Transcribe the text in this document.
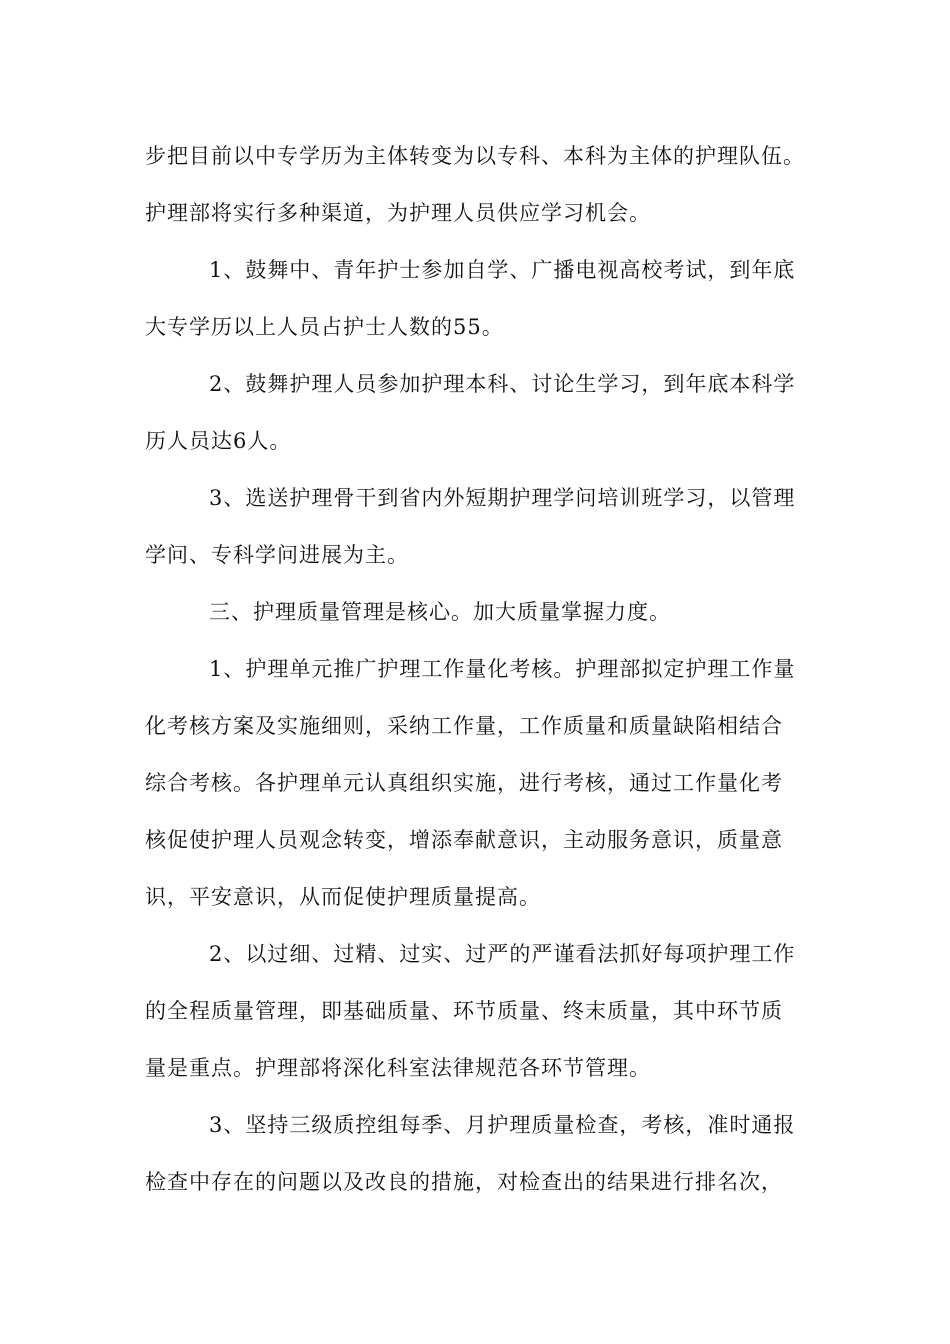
步把目前以中专学历为主体转变为以专科、本科为主体的护理队伍。
护理部将实行多种渠道，为护理人员供应学习机会。
1、鼓舞中、青年护士参加自学、广播电视高校考试，到年底
大专学历以上人员占护士人数的55。
2、鼓舞护理人员参加护理本科、讨论生学习，到年底本科学
历人员达6人。
3、选送护理骨干到省内外短期护理学问培训班学习，以管理
学问、专科学问进展为主。
三、护理质量管理是核心。加大质量掌握力度。
1、护理单元推广护理工作量化考核。护理部拟定护理工作量
化考核方案及实施细则，采纳工作量，工作质量和质量缺陷相结合
综合考核。各护理单元认真组织实施，进行考核，通过工作量化考
核促使护理人员观念转变，增添奉献意识，主动服务意识，质量意
识，平安意识，从而促使护理质量提高。
2、以过细、过精、过实、过严的严谨看法抓好每项护理工作
的全程质量管理，即基础质量、环节质量、终末质量，其中环节质
量是重点。护理部将深化科室法律规范各环节管理。
3、坚持三级质控组每季、月护理质量检查，考核，准时通报
检查中存在的问题以及改良的措施，对检查出的结果进行排名次，
